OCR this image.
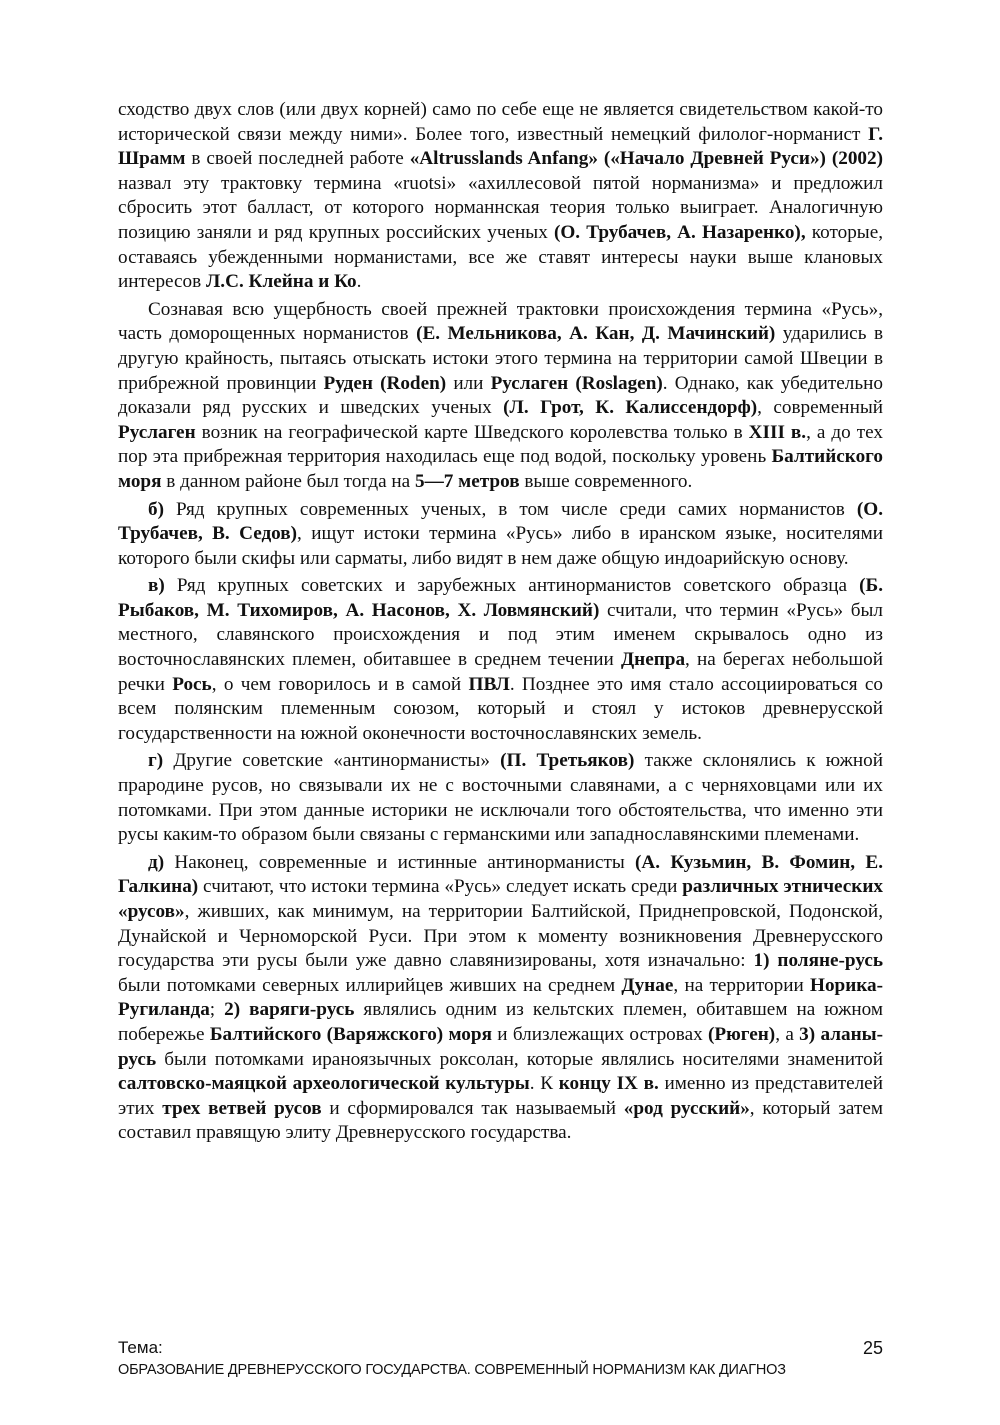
сходство двух слов (или двух корней) само по себе еще не является свидетельством какой-то исторической связи между ними». Более того, известный немецкий филолог-норманист Г. Шрамм в своей последней работе «Altrusslands Anfang» («Начало Древней Руси») (2002) назвал эту трактовку термина «ruotsi» «ахиллесовой пятой норманизма» и предложил сбросить этот балласт, от которого норманнская теория только выиграет. Аналогичную позицию заняли и ряд крупных российских ученых (О. Трубачев, А. Назаренко), которые, оставаясь убежденными норманистами, все же ставят интересы науки выше клановых интересов Л.С. Клейна и Ко.

Сознавая всю ущербность своей прежней трактовки происхождения термина «Русь», часть доморощенных норманистов (Е. Мельникова, А. Кан, Д. Мачинский) ударились в другую крайность, пытаясь отыскать истоки этого термина на территории самой Швеции в прибрежной провинции Руден (Roden) или Руслаген (Roslagen). Однако, как убедительно доказали ряд русских и шведских ученых (Л. Грот, К. Калиссендорф), современный Руслаген возник на географической карте Шведского королевства только в XIII в., а до тех пор эта прибрежная территория находилась еще под водой, поскольку уровень Балтийского моря в данном районе был тогда на 5—7 метров выше современного.

б) Ряд крупных современных ученых, в том числе среди самих норманистов (О. Трубачев, В. Седов), ищут истоки термина «Русь» либо в иранском языке, носителями которого были скифы или сарматы, либо видят в нем даже общую индоарийскую основу.

в) Ряд крупных советских и зарубежных антинорманистов советского образца (Б. Рыбаков, М. Тихомиров, А. Насонов, Х. Ловмянский) считали, что термин «Русь» был местного, славянского происхождения и под этим именем скрывалось одно из восточнославянских племен, обитавшее в среднем течении Днепра, на берегах небольшой речки Рось, о чем говорилось и в самой ПВЛ. Позднее это имя стало ассоциироваться со всем полянским племенным союзом, который и стоял у истоков древнерусской государственности на южной оконечности восточнославянских земель.

г) Другие советские «антинорманисты» (П. Третьяков) также склонялись к южной прародине русов, но связывали их не с восточными славянами, а с черняховцами или их потомками. При этом данные историки не исключали того обстоятельства, что именно эти русы каким-то образом были связаны с германскими или западнославянскими племенами.

д) Наконец, современные и истинные антинорманисты (А. Кузьмин, В. Фомин, Е. Галкина) считают, что истоки термина «Русь» следует искать среди различных этнических «русов», живших, как минимум, на территории Балтийской, Приднепровской, Подонской, Дунайской и Черноморской Руси. При этом к моменту возникновения Древнерусского государства эти русы были уже давно славянизированы, хотя изначально: 1) поляне-русь были потомками северных иллирийцев живших на среднем Дунае, на территории Норика-Ругиланда; 2) варяги-русь являлись одним из кельтских племен, обитавшем на южном побережье Балтийского (Варяжского) моря и близлежащих островах (Рюген), а 3) аланы-русь были потомками ираноязычных роксолан, которые являлись носителями знаменитой салтовско-маяцкой археологической культуры. К концу IX в. именно из представителей этих трех ветвей русов и сформировался так называемый «род русский», который затем составил правящую элиту Древнерусского государства.

Тема:
ОБРАЗОВАНИЕ ДРЕВНЕРУССКОГО ГОСУДАРСТВА. СОВРЕМЕННЫЙ НОРМАНИЗМ КАК ДИАГНОЗ
25
